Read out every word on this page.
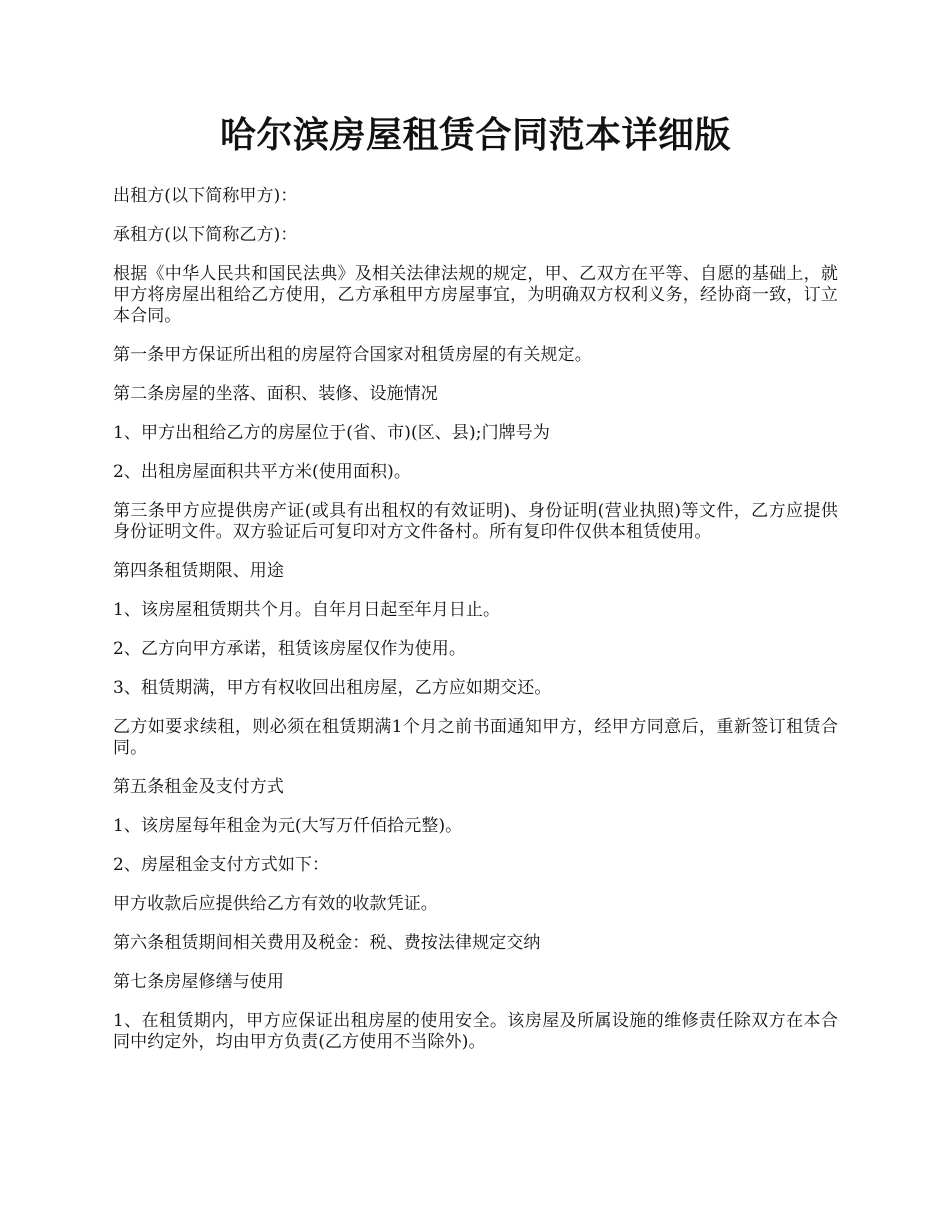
哈尔滨房屋租赁合同范本详细版

出租方(以下简称甲方)：

承租方(以下简称乙方)：

根据《中华人民共和国民法典》及相关法律法规的规定，甲、乙双方在平等、自愿的基础上，就甲方将房屋出租给乙方使用，乙方承租甲方房屋事宜，为明确双方权利义务，经协商一致，订立本合同。

第一条甲方保证所出租的房屋符合国家对租赁房屋的有关规定。

第二条房屋的坐落、面积、装修、设施情况

1、甲方出租给乙方的房屋位于(省、市)(区、县);门牌号为

2、出租房屋面积共平方米(使用面积)。

第三条甲方应提供房产证(或具有出租权的有效证明)、身份证明(营业执照)等文件，乙方应提供身份证明文件。双方验证后可复印对方文件备村。所有复印件仅供本租赁使用。

第四条租赁期限、用途

1、该房屋租赁期共个月。自年月日起至年月日止。

2、乙方向甲方承诺，租赁该房屋仅作为使用。

3、租赁期满，甲方有权收回出租房屋，乙方应如期交还。

乙方如要求续租，则必须在租赁期满1个月之前书面通知甲方，经甲方同意后，重新签订租赁合同。

第五条租金及支付方式

1、该房屋每年租金为元(大写万仟佰拾元整)。

2、房屋租金支付方式如下：

甲方收款后应提供给乙方有效的收款凭证。

第六条租赁期间相关费用及税金：税、费按法律规定交纳

第七条房屋修缮与使用

1、在租赁期内，甲方应保证出租房屋的使用安全。该房屋及所属设施的维修责任除双方在本合同中约定外，均由甲方负责(乙方使用不当除外)。
